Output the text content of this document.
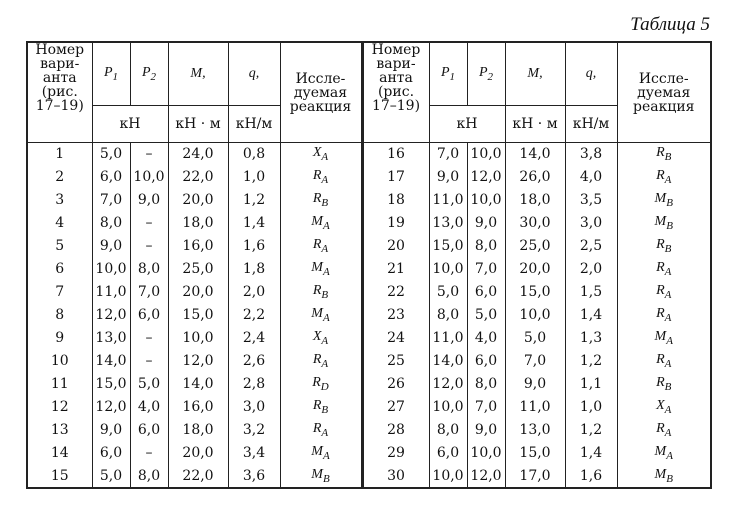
Таблица 5
Номер вари- анта (рис. 17–19)	$P_1$	$P_2$	M,	q,	Иссле- дуемая реакция	Номер вари- анта (рис. 17–19)	$P_1$	$P_2$	M,	q,	Иссле- дуемая реакция
	кН		кН · м	кН/м			кН		кН · м	кН/м	
1	5,0	–	24,0	0,8	$X_A$	16	7,0	10,0	14,0	3,8	$R_B$
2	6,0	10,0	22,0	1,0	$R_A$	17	9,0	12,0	26,0	4,0	$R_A$
3	7,0	9,0	20,0	1,2	$R_B$	18	11,0	10,0	18,0	3,5	$M_B$
4	8,0	–	18,0	1,4	$M_A$	19	13,0	9,0	30,0	3,0	$M_B$
5	9,0	–	16,0	1,6	$R_A$	20	15,0	8,0	25,0	2,5	$R_B$
6	10,0	8,0	25,0	1,8	$M_A$	21	10,0	7,0	20,0	2,0	$R_A$
7	11,0	7,0	20,0	2,0	$R_B$	22	5,0	6,0	15,0	1,5	$R_A$
8	12,0	6,0	15,0	2,2	$M_A$	23	8,0	5,0	10,0	1,4	$R_A$
9	13,0	–	10,0	2,4	$X_A$	24	11,0	4,0	5,0	1,3	$M_A$
10	14,0	–	12,0	2,6	$R_A$	25	14,0	6,0	7,0	1,2	$R_A$
11	15,0	5,0	14,0	2,8	$R_D$	26	12,0	8,0	9,0	1,1	$R_B$
12	12,0	4,0	16,0	3,0	$R_B$	27	10,0	7,0	11,0	1,0	$X_A$
13	9,0	6,0	18,0	3,2	$R_A$	28	8,0	9,0	13,0	1,2	$R_A$
14	6,0	–	20,0	3,4	$M_A$	29	6,0	10,0	15,0	1,4	$M_A$
15	5,0	8,0	22,0	3,6	$M_B$	30	10,0	12,0	17,0	1,6	$M_B$
